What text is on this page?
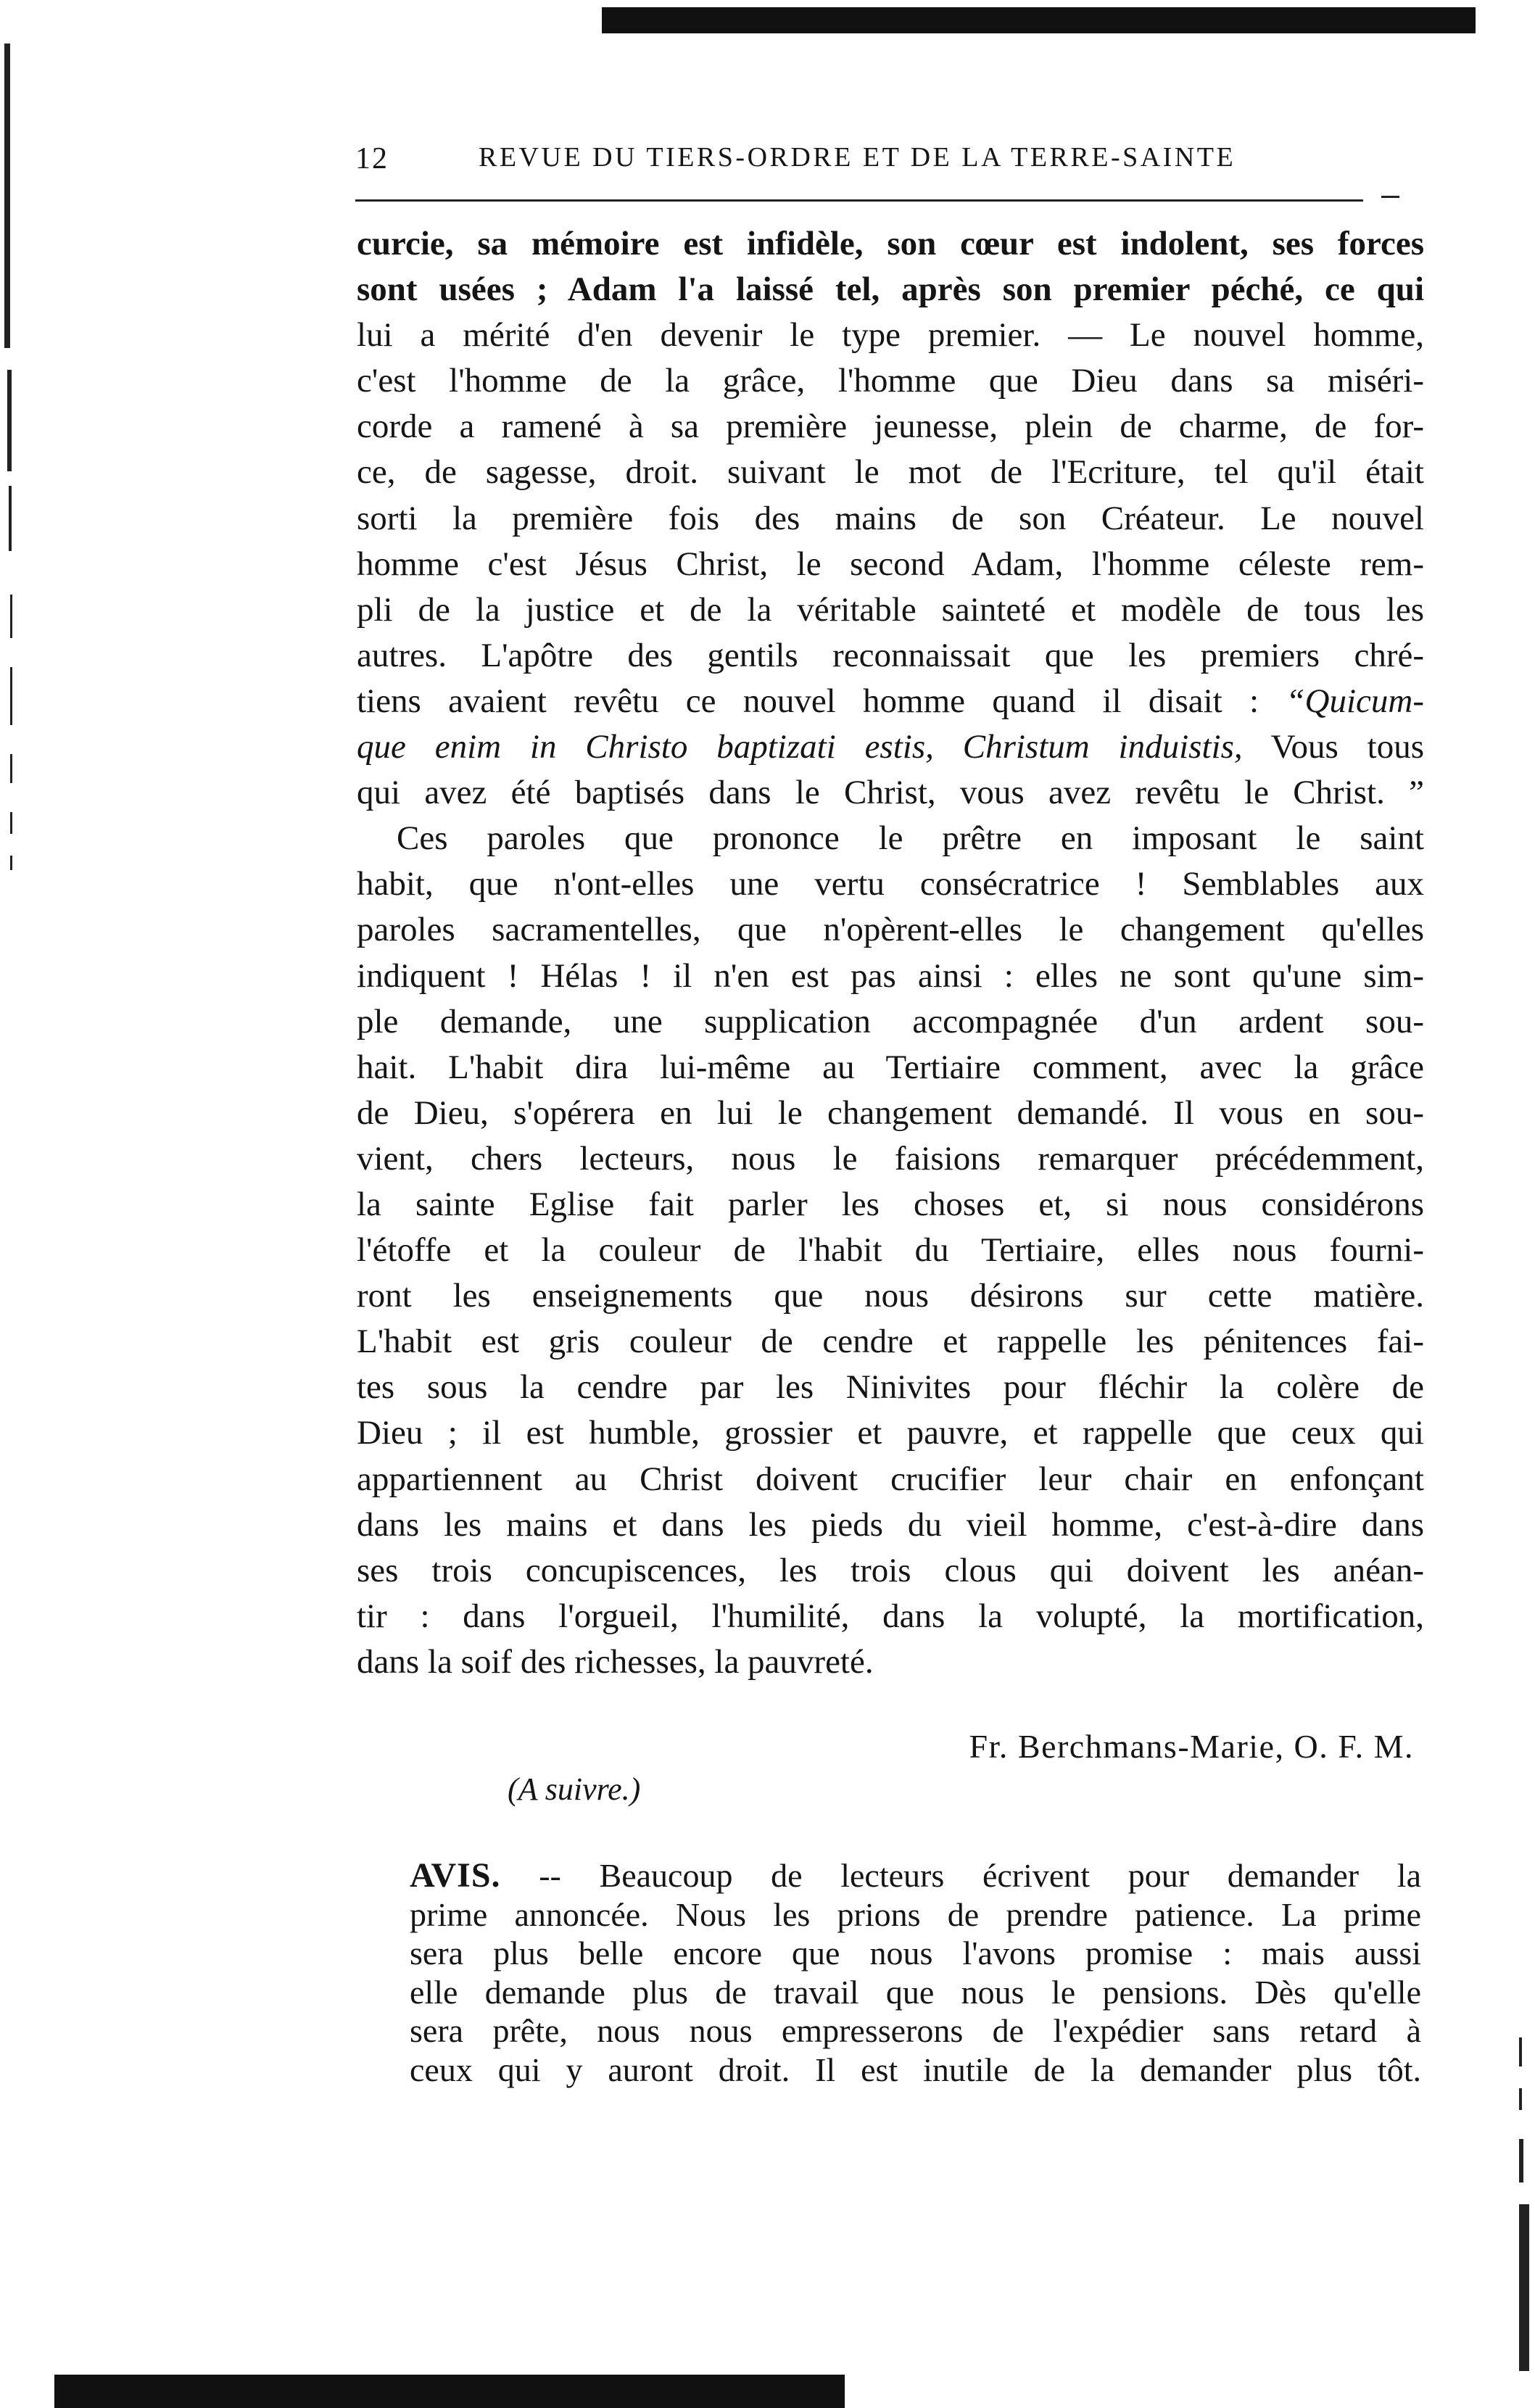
12	REVUE DU TIERS-ORDRE ET DE LA TERRE-SAINTE
curcie, sa mémoire est infidèle, son cœur est indolent, ses forces
sont usées ; Adam l'a laissé tel, après son premier péché, ce qui
lui a mérité d'en devenir le type premier. — Le nouvel homme,
c'est l'homme de la grâce, l'homme que Dieu dans sa miséri-
corde a ramené à sa première jeunesse, plein de charme, de for-
ce, de sagesse, droit. suivant le mot de l'Ecriture, tel qu'il était
sorti la première fois des mains de son Créateur. Le nouvel
homme c'est Jésus Christ, le second Adam, l'homme céleste rem-
pli de la justice et de la véritable sainteté et modèle de tous les
autres. L'apôtre des gentils reconnaissait que les premiers chré-
tiens avaient revêtu ce nouvel homme quand il disait : “Quicum-
que enim in Christo baptizati estis, Christum induistis, Vous tous
qui avez été baptisés dans le Christ, vous avez revêtu le Christ. ”
Ces paroles que prononce le prêtre en imposant le saint
habit, que n'ont-elles une vertu consécratrice ! Semblables aux
paroles sacramentelles, que n'opèrent-elles le changement qu'elles
indiquent ! Hélas ! il n'en est pas ainsi : elles ne sont qu'une sim-
ple demande, une supplication accompagnée d'un ardent sou-
hait. L'habit dira lui-même au Tertiaire comment, avec la grâce
de Dieu, s'opérera en lui le changement demandé. Il vous en sou-
vient, chers lecteurs, nous le faisions remarquer précédemment,
la sainte Eglise fait parler les choses et, si nous considérons
l'étoffe et la couleur de l'habit du Tertiaire, elles nous fourni-
ront les enseignements que nous désirons sur cette matière.
L'habit est gris couleur de cendre et rappelle les pénitences fai-
tes sous la cendre par les Ninivites pour fléchir la colère de
Dieu ; il est humble, grossier et pauvre, et rappelle que ceux qui
appartiennent au Christ doivent crucifier leur chair en enfonçant
dans les mains et dans les pieds du vieil homme, c'est-à-dire dans
ses trois concupiscences, les trois clous qui doivent les anéan-
tir : dans l'orgueil, l'humilité, dans la volupté, la mortification,
dans la soif des richesses, la pauvreté.
Fr. Berchmans-Marie, O. F. M.
(A suivre.)
AVIS. -- Beaucoup de lecteurs écrivent pour demander la
prime annoncée. Nous les prions de prendre patience. La prime
sera plus belle encore que nous l'avons promise : mais aussi
elle demande plus de travail que nous le pensions. Dès qu'elle
sera prête, nous nous empresserons de l'expédier sans retard à
ceux qui y auront droit. Il est inutile de la demander plus tôt.
